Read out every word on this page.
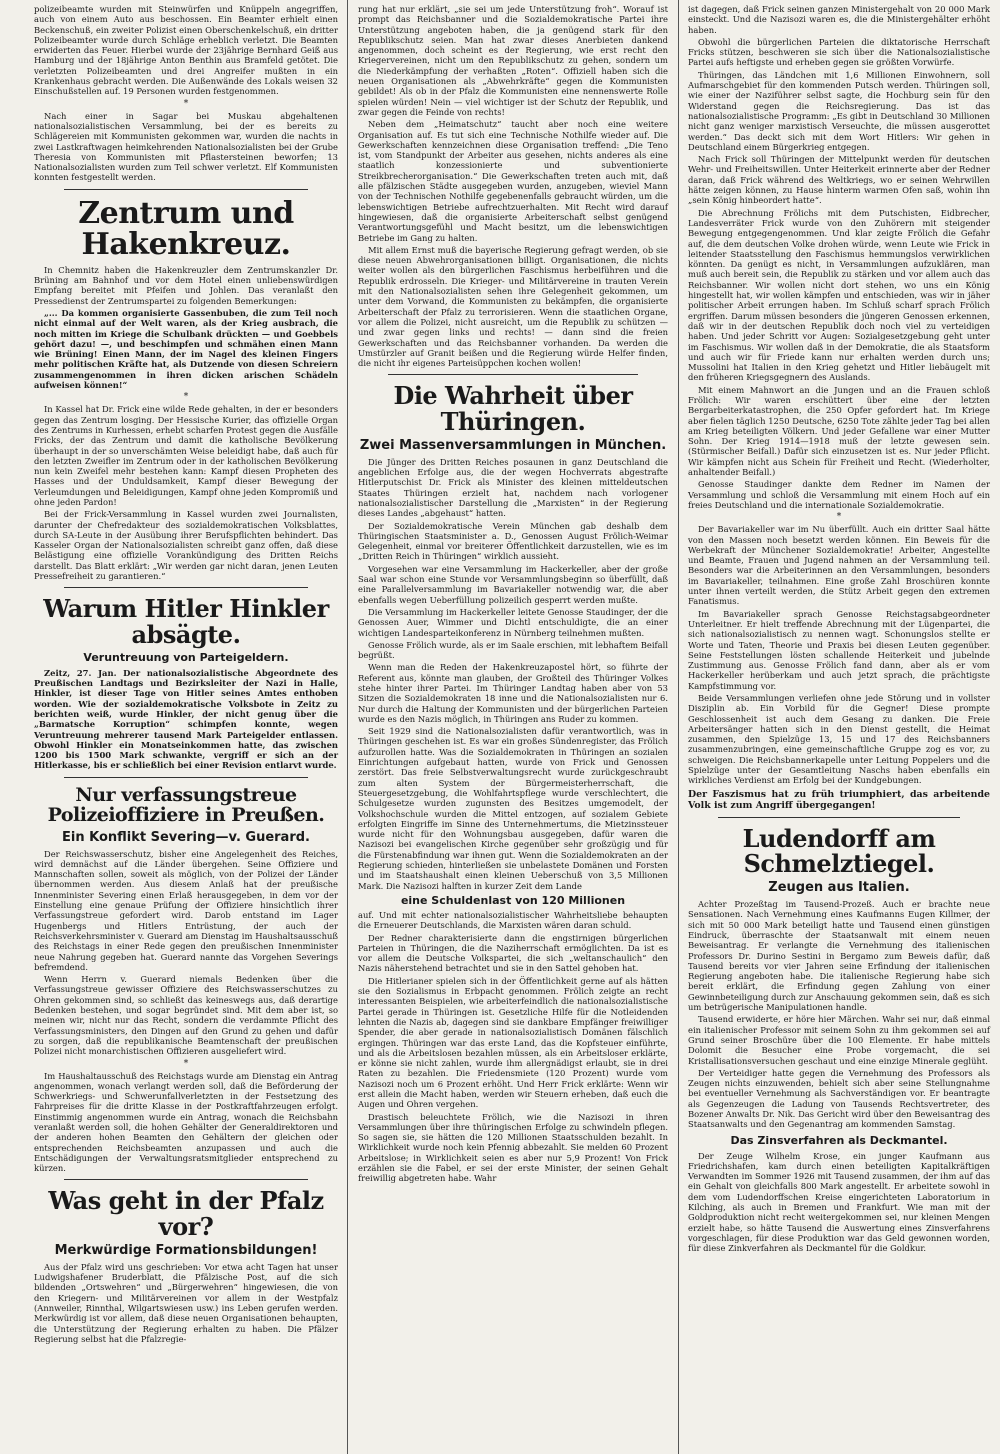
polizeibeamte wurden mit Steinwürfen und Knüppeln angegriffen, auch von einem Auto aus beschossen. Ein Beamter erhielt einen Beckenschuß, ein zweiter Polizist einen Oberschenkelschuß, ein dritter Polizeibeamter wurde durch Schläge erheblich verletzt. Die Beamten erwiderten das Feuer. Hierbei wurde der 23jährige Bernhard Geiß aus Hamburg und der 18jährige Anton Benthin aus Bramfeld getötet. Die verletzten Polizeibeamten und drei Angreifer mußten in ein Krankenhaus gebracht werden. Die Außenwände des Lokals weisen 32 Einschußstellen auf. 19 Personen wurden festgenommen.

*

Nach einer in Sagar bei Muskau abgehaltenen nationalsozialistischen Versammlung, bei der es bereits zu Schlägereien mit Kommunisten gekommen war, wurden die nachts in zwei Lastkraftwagen heimkehrenden Nationalsozialisten bei der Grube Theresia von Kommunisten mit Pflastersteinen beworfen; 13 Nationalsozialisten wurden zum Teil schwer verletzt. Elf Kommunisten konnten festgestellt werden.

Zentrum und Hakenkreuz.

In Chemnitz haben die Hakenkreuzler dem Zentrumskanzler Dr. Brüning am Bahnhof und vor dem Hotel einen unliebenswürdigen Empfang bereitet mit Pfeifen und Johlen. Das veranlaßt den Pressedienst der Zentrumspartei zu folgenden Bemerkungen:

„... Da kommen organisierte Gassenbuben, die zum Teil noch nicht einmal auf der Welt waren, als der Krieg ausbrach, die noch mitten im Kriege die Schulbank drückten — und Goebbels gehört dazu! —, und beschimpfen und schmähen einen Mann wie Brüning! Einen Mann, der im Nagel des kleinen Fingers mehr politischen Kräfte hat, als Dutzende von diesen Schreiern zusammengenommen in ihren dicken arischen Schädeln aufweisen können!“

*

In Kassel hat Dr. Frick eine wilde Rede gehalten, in der er besonders gegen das Zentrum losging. Der Hessische Kurier, das offizielle Organ des Zentrums in Kurhessen, erhebt scharfen Protest gegen die Ausfälle Fricks, der das Zentrum und damit die katholische Bevölkerung überhaupt in der so unverschämten Weise beleidigt habe, daß auch für den letzten Zweifler im Zentrum oder in der katholischen Bevölkerung nun kein Zweifel mehr bestehen kann: Kampf diesen Propheten des Hasses und der Unduldsamkeit, Kampf dieser Bewegung der Verleumdungen und Beleidigungen, Kampf ohne jeden Kompromiß und ohne jeden Pardon!

Bei der Frick-Versammlung in Kassel wurden zwei Journalisten, darunter der Chefredakteur des sozialdemokratischen Volksblattes, durch SA-Leute in der Ausübung ihrer Berufspflichten behindert. Das Kasseler Organ der Nationalsozialisten schreibt ganz offen, daß diese Belästigung eine offizielle Vorankündigung des Dritten Reichs darstellt. Das Blatt erklärt: „Wir werden gar nicht daran, jenen Leuten Pressefreiheit zu garantieren.“

Warum Hitler Hinkler absägte.
Veruntreuung von Parteigeldern.

Zeitz, 27. Jan. Der nationalsozialistische Abgeordnete des Preußischen Landtags und Bezirksleiter der Nazi in Halle, Hinkler, ist dieser Tage von Hitler seines Amtes enthoben worden. Wie der sozialdemokratische Volksbote in Zeitz zu berichten weiß, wurde Hinkler, der nicht genug über die „Barmatsche Korruption“ schimpfen konnte, wegen Veruntreuung mehrerer tausend Mark Parteigelder entlassen. Obwohl Hinkler ein Monatseinkommen hatte, das zwischen 1200 bis 1500 Mark schwankte, vergriff er sich an der Hitlerkasse, bis er schließlich bei einer Revision entlarvt wurde.

Nur verfassungstreue Polizeioffiziere in Preußen.
Ein Konflikt Severing—v. Guerard.

Der Reichswasserschutz, bisher eine Angelegenheit des Reiches, wird demnächst auf die Länder übergehen. Seine Offiziere und Mannschaften sollen, soweit als möglich, von der Polizei der Länder übernommen werden. Aus diesem Anlaß hat der preußische Innenminister Severing einen Erlaß herausgegeben, in dem vor der Einstellung eine genaue Prüfung der Offiziere hinsichtlich ihrer Verfassungstreue gefordert wird. Darob entstand im Lager Hugenbergs und Hitlers Entrüstung, der auch der Reichsverkehrsminister v. Guerard am Dienstag im Haushaltsausschuß des Reichstags in einer Rede gegen den preußischen Innenminister neue Nahrung gegeben hat. Guerard nannte das Vorgehen Severings befremdend.

Wenn Herrn v. Guerard niemals Bedenken über die Verfassungstreue gewisser Offiziere des Reichswasserschutzes zu Ohren gekommen sind, so schließt das keineswegs aus, daß derartige Bedenken bestehen, und sogar begründet sind. Mit dem aber ist, so meinen wir, nicht nur das Recht, sondern die verdammte Pflicht des Verfassungsministers, den Dingen auf den Grund zu gehen und dafür zu sorgen, daß die republikanische Beamtenschaft der preußischen Polizei nicht monarchistischen Offizieren ausgeliefert wird.

*

Im Haushaltausschuß des Reichstags wurde am Dienstag ein Antrag angenommen, wonach verlangt werden soll, daß die Beförderung der Schwerkriegs- und Schwerunfallverletzten in der Festsetzung des Fahrpreises für die dritte Klasse in der Postkraftfahrzeugen erfolgt. Einstimmig angenommen wurde ein Antrag, wonach die Reichsbahn veranlaßt werden soll, die hohen Gehälter der Generaldirektoren und der anderen hohen Beamten den Gehältern der gleichen oder entsprechenden Reichsbeamten anzupassen und auch die Entschädigungen der Verwaltungsratsmitglieder entsprechend zu kürzen.

Was geht in der Pfalz vor?
Merkwürdige Formationsbildungen!

Aus der Pfalz wird uns geschrieben: Vor etwa acht Tagen hat unser Ludwigshafener Bruderblatt, die Pfälzische Post, auf die sich bildenden „Ortswehren“ und „Bürgerwehren“ hingewiesen, die von den Kriegern- und Militärvereinen vor allem in der Westpfalz (Annweiler, Rinnthal, Wilgartswiesen usw.) ins Leben gerufen werden. Merkwürdig ist vor allem, daß diese neuen Organisationen behaupten, die Unterstützung der Regierung erhalten zu haben. Die Pfälzer Regierung selbst hat die Pfalzregie-

rung hat nur erklärt, „sie sei um jede Unterstützung froh“. Worauf ist prompt das Reichsbanner und die Sozialdemokratische Partei ihre Unterstützung angeboten haben, die ja genügend stark für den Republikschutz seien. Man hat zwar dieses Anerbieten dankend angenommen, doch scheint es der Regierung, wie erst recht den Kriegervereinen, nicht um den Republikschutz zu gehen, sondern um die Niederkämpfung der verhaßten „Roten“. Offiziell haben sich die neuen Organisationen als „Abwehrkräfte“ gegen die Kommunisten gebildet! Als ob in der Pfalz die Kommunisten eine nennenswerte Rolle spielen würden! Nein — viel wichtiger ist der Schutz der Republik, und zwar gegen die Feinde von rechts!

Neben dem „Heimatschutz“ taucht aber noch eine weitere Organisation auf. Es tut sich eine Technische Nothilfe wieder auf. Die Gewerkschaften kennzeichnen diese Organisation treffend: „Die Teno ist, vom Standpunkt der Arbeiter aus gesehen, nichts anderes als eine staatlich konzessionierte und subventionierte Streikbrecherorganisation.“ Die Gewerkschaften treten auch mit, daß alle pfälzischen Städte ausgegeben wurden, anzugeben, wieviel Mann von der Technischen Nothilfe gegebenenfalls gebraucht würden, um die lebenswichtigen Betriebe aufrechtzuerhalten. Mit Recht wird darauf hingewiesen, daß die organisierte Arbeiterschaft selbst genügend Verantwortungsgefühl und Macht besitzt, um die lebenswichtigen Betriebe im Gang zu halten.

Mit allem Ernst muß die bayerische Regierung gefragt werden, ob sie diese neuen Abwehrorganisationen billigt. Organisationen, die nichts weiter wollen als den bürgerlichen Faschismus herbeiführen und die Republik erdrosseln. Die Krieger- und Militärvereine in trauten Verein mit den Nationalsozialisten sehen ihre Gelegenheit gekommen, um unter dem Vorwand, die Kommunisten zu bekämpfen, die organisierte Arbeiterschaft der Pfalz zu terrorisieren. Wenn die staatlichen Organe, vor allem die Polizei, nicht ausreicht, um die Republik zu schützen — und zwar gegen links und rechts! — dann sind die freien Gewerkschaften und das Reichsbanner vorhanden. Da werden die Umstürzler auf Granit beißen und die Regierung würde Helfer finden, die nicht ihr eigenes Parteisüppchen kochen wollen!

Die Wahrheit über Thüringen.
Zwei Massenversammlungen in München.

Die Jünger des Dritten Reiches posaunen in ganz Deutschland die angeblichen Erfolge aus, die der wegen Hochverrats abgestrafte Hitlerputschist Dr. Frick als Minister des kleinen mitteldeutschen Staates Thüringen erzielt hat, nachdem nach vorlogener nationalsozialistischer Darstellung die „Marxisten“ in der Regierung dieses Landes „abgehaust“ hatten.

Der Sozialdemokratische Verein München gab deshalb dem Thüringischen Staatsminister a. D., Genossen August Frölich-Weimar Gelegenheit, einmal vor breiterer Öffentlichkeit darzustellen, wie es im „Dritten Reich in Thüringen“ wirklich aussieht.

Vorgesehen war eine Versammlung im Hackerkeller, aber der große Saal war schon eine Stunde vor Versammlungsbeginn so überfüllt, daß eine Parallelversammlung im Bavariakeller notwendig war, die aber ebenfalls wegen Ueberfüllung polizeilich gesperrt werden mußte.

Die Versammlung im Hackerkeller leitete Genosse Staudinger, der die Genossen Auer, Wimmer und Dichtl entschuldigte, die an einer wichtigen Landesparteikonferenz in Nürnberg teilnehmen mußten.

Genosse Frölich wurde, als er im Saale erschien, mit lebhaftem Beifall begrüßt.

Wenn man die Reden der Hakenkreuzapostel hört, so führte der Referent aus, könnte man glauben, der Großteil des Thüringer Volkes stehe hinter ihrer Partei. Im Thüringer Landtag haben aber von 53 Sitzen die Sozialdemokraten 18 inne und die Nationalsozialisten nur 6. Nur durch die Haltung der Kommunisten und der bürgerlichen Parteien wurde es den Nazis möglich, in Thüringen ans Ruder zu kommen.

Seit 1929 sind die Nationalsozialisten dafür verantwortlich, was in Thüringen geschehen ist. Es war ein großes Sündenregister, das Frölich aufzurollen hatte. Was die Sozialdemokraten in Thüringen an sozialen Einrichtungen aufgebaut hatten, wurde von Frick und Genossen zerstört. Das freie Selbstverwaltungsrecht wurde zurückgeschraubt zum alten System der Bürgermeisterherrschaft, die Steuergesetzgebung, die Wohlfahrtspflege wurde verschlechtert, die Schulgesetze wurden zugunsten des Besitzes umgemodelt, der Volkshochschule wurden die Mittel entzogen, auf sozialem Gebiete erfolgten Eingriffe im Sinne des Unternehmertums, die Mietzinssteuer wurde nicht für den Wohnungsbau ausgegeben, dafür waren die Nazisozi bei evangelischen Kirche gegenüber sehr großzügig und für die Fürstenabfindung war ihnen gut. Wenn die Sozialdemokraten an der Regierung schieden, hinterließen sie unbelastete Domänen und Forsten und im Staatshaushalt einen kleinen Ueberschuß von 3,5 Millionen Mark. Die Nazisozi halften in kurzer Zeit dem Lande

eine Schuldenlast von 120 Millionen

auf. Und mit echter nationalsozialistischer Wahrheitsliebe behaupten die Erneuerer Deutschlands, die Marxisten wären daran schuld.

Der Redner charakterisierte dann die engstirnigen bürgerlichen Parteien in Thüringen, die die Naziherrschaft ermöglichten. Da ist es vor allem die Deutsche Volkspartei, die sich „weltanschaulich“ den Nazis näherstehend betrachtet und sie in den Sattel gehoben hat.

Die Hitlerianer spielen sich in der Öffentlichkeit gerne auf als hätten sie den Sozialismus in Erbpacht genommen. Frölich zeigte an recht interessanten Beispielen, wie arbeiterfeindlich die nationalsozialistische Partei gerade in Thüringen ist. Gesetzliche Hilfe für die Notleidenden lehnten die Nazis ab, dagegen sind sie dankbare Empfänger freiwilliger Spender, die aber gerade in nationalsozialistisch Domänen fälschlich ergingen. Thüringen war das erste Land, das die Kopfsteuer einführte, und als die Arbeitslosen bezahlen müssen, als ein Arbeitsloser erklärte, er könne sie nicht zahlen, wurde ihm allergnädigst erlaubt, sie in drei Raten zu bezahlen. Die Friedensmiete (120 Prozent) wurde vom Nazisozi noch um 6 Prozent erhöht. Und Herr Frick erklärte: Wenn wir erst allein die Macht haben, werden wir Steuern erheben, daß euch die Augen und Ohren vergehen.

Drastisch beleuchtete Frölich, wie die Nazisozi in ihren Versammlungen über ihre thüringischen Erfolge zu schwindeln pflegen. So sagen sie, sie hätten die 120 Millionen Staatsschulden bezahlt. In Wirklichkeit wurde noch kein Pfennig abbezahlt. Sie melden 60 Prozent Arbeitslose; in Wirklichkeit seien es aber nur 5,9 Prozent! Von Frick erzählen sie die Fabel, er sei der erste Minister, der seinen Gehalt freiwillig abgetreten habe. Wahr

ist dagegen, daß Frick seinen ganzen Ministergehalt von 20 000 Mark einsteckt. Und die Nazisozi waren es, die die Ministergehälter erhöht haben.

Obwohl die bürgerlichen Parteien die diktatorische Herrschaft Fricks stützen, beschweren sie sich über die Nationalsozialistische Partei aufs heftigste und erheben gegen sie größten Vorwürfe.

Thüringen, das Ländchen mit 1,6 Millionen Einwohnern, soll Aufmarschgebiet für den kommenden Putsch werden. Thüringen soll, wie einer der Naziführer selbst sagte, die Hochburg sein für den Widerstand gegen die Reichsregierung. Das ist das nationalsozialistische Programm: „Es gibt in Deutschland 30 Millionen nicht ganz weniger marxistisch Verseuchte, die müssen ausgerottet werden.“ Das deckt sich mit dem Wort Hitlers: Wir gehen in Deutschland einem Bürgerkrieg entgegen.

Nach Frick soll Thüringen der Mittelpunkt werden für deutschen Wehr- und Freiheitswillen. Unter Heiterkeit erinnerte aber der Redner daran, daß Frick während des Weltkriegs, wo er seinen Wehrwillen hätte zeigen können, zu Hause hinterm warmen Ofen saß, wohin ihn „sein König hinbeordert hatte“.

Die Abrechnung Frölichs mit dem Putschisten, Eidbrecher, Landesverräter Frick wurde von den Zuhörern mit steigender Bewegung entgegengenommen. Und klar zeigte Frölich die Gefahr auf, die dem deutschen Volke drohen würde, wenn Leute wie Frick in leitender Staatsstellung den Faschismus hemmungslos verwirklichen könnten. Da genügt es nicht, in Versammlungen aufzuklären, man muß auch bereit sein, die Republik zu stärken und vor allem auch das Reichsbanner. Wir wollen nicht dort stehen, wo uns ein König hingestellt hat, wir wollen kämpfen und entschieden, was wir in jäher politischer Arbeit errungen haben. Im Schluß scharf sprach Frölich ergriffen. Darum müssen besonders die jüngeren Genossen erkennen, daß wir in der deutschen Republik doch noch viel zu verteidigen haben. Und jeder Schritt vor Augen: Sozialgesetzgebung geht unter im Faschismus. Wir wollen daß in der Demokratie, die als Staatsform und auch wir für Friede kann nur erhalten werden durch uns; Mussolini hat Italien in den Krieg gehetzt und Hitler liebäugelt mit den früheren Kriegsgegnern des Auslands.

Mit einem Mahnwort an die Jungen und an die Frauen schloß Frölich: Wir waren erschüttert über eine der letzten Bergarbeiterkatastrophen, die 250 Opfer gefordert hat. Im Kriege aber fielen täglich 1250 Deutsche, 6250 Tote zählte jeder Tag bei allen am Krieg beteiligten Völkern. Und jeder Gefallene war einer Mutter Sohn. Der Krieg 1914—1918 muß der letzte gewesen sein. (Stürmischer Beifall.) Dafür sich einzusetzen ist es. Nur jeder Pflicht. Wir kämpfen nicht aus Schein für Freiheit und Recht. (Wiederholter, anhaltender Beifall.)

Genosse Staudinger dankte dem Redner im Namen der Versammlung und schloß die Versammlung mit einem Hoch auf ein freies Deutschland und die internationale Sozialdemokratie.

*

Der Bavariakeller war im Nu überfüllt. Auch ein dritter Saal hätte von den Massen noch besetzt werden können. Ein Beweis für die Werbekraft der Münchener Sozialdemokratie! Arbeiter, Angestellte und Beamte, Frauen und Jugend nahmen an der Versammlung teil. Besonders war die Arbeiterinnen an den Versammlungen, besonders im Bavariakeller, teilnahmen. Eine große Zahl Broschüren konnte unter ihnen verteilt werden, die Stütz Arbeit gegen den extremen Fanatismus.

Im Bavariakeller sprach Genosse Reichstagsabgeordneter Unterleitner. Er hielt treffende Abrechnung mit der Lügenpartei, die sich nationalsozialistisch zu nennen wagt. Schonungslos stellte er Worte und Taten, Theorie und Praxis bei diesen Leuten gegenüber. Seine Feststellungen lösten schallende Heiterkeit und jubelnde Zustimmung aus. Genosse Frölich fand dann, aber als er vom Hackerkeller herüberkam und auch jetzt sprach, die prächtigste Kampfstimmung vor.

Beide Versammlungen verliefen ohne jede Störung und in vollster Disziplin ab. Ein Vorbild für die Gegner! Diese prompte Geschlossenheit ist auch dem Gesang zu danken. Die Freie Arbeitersänger hatten sich in den Dienst gestellt, die Heimat zusammen, den Spielzüge 13, 15 und 17 des Reichsbanners zusammenzubringen, eine gemeinschaftliche Gruppe zog es vor, zu schweigen. Die Reichsbannerkapelle unter Leitung Poppelers und die Spielzüge unter der Gesamtleitung Naschs haben ebenfalls ein wirkliches Verdienst am Erfolg bei der Kundgebungen.

Der Faszismus hat zu früh triumphiert, das arbeitende Volk ist zum Angriff übergegangen!
Ludendorff am Schmelztiegel.
Zeugen aus Italien.

Achter Prozeßtag im Tausend-Prozeß. Auch er brachte neue Sensationen. Nach Vernehmung eines Kaufmanns Eugen Killmer, der sich mit 50 000 Mark beteiligt hatte und Tausend einen günstigen Eindruck, überraschte der Staatsanwalt mit einem neuen Beweisantrag. Er verlangte die Vernehmung des italienischen Professors Dr. Durino Sestini in Bergamo zum Beweis dafür, daß Tausend bereits vor vier Jahren seine Erfindung der italienischen Regierung angeboten habe. Die italienische Regierung habe sich bereit erklärt, die Erfindung gegen Zahlung von einer Gewinnbeteiligung durch zur Anschauung gekommen sein, daß es sich um betrügerische Manipulationen handle.

Tausend erwiderte, er höre hier Märchen. Wahr sei nur, daß einmal ein italienischer Professor mit seinem Sohn zu ihm gekommen sei auf Grund seiner Broschüre über die 100 Elemente. Er habe mittels Dolomit die Besucher eine Probe vorgemacht, die sei Kristallisationsversuchen geschaut und eine einzige Minerale geglüht.

Der Verteidiger hatte gegen die Vernehmung des Professors als Zeugen nichts einzuwenden, behielt sich aber seine Stellungnahme bei eventueller Vernehmung als Sachverständigen vor. Er beantragte als Gegenzeugen die Ladung von Tausends Rechtsvertreter, des Bozener Anwalts Dr. Nik. Das Gericht wird über den Beweisantrag des Staatsanwalts und den Gegenantrag am kommenden Samstag.

Das Zinsverfahren als Deckmantel.

Der Zeuge Wilhelm Krose, ein junger Kaufmann aus Friedrichshafen, kam durch einen beteiligten Kapitalkräftigen Verwandten im Sommer 1926 mit Tausend zusammen, der ihm auf das ein Gehalt von gleichfalls 800 Mark angestellt. Er arbeitete sowohl in dem vom Ludendorffschen Kreise eingerichteten Laboratorium in Kilching, als auch in Bremen und Frankfurt. Wie man mit der Goldproduktion nicht recht weitergekommen sei, nur kleinen Mengen erzielt habe, so hätte Tausend die Auswertung eines Zinsverfahrens vorgeschlagen, für diese Produktion war das Geld gewonnen worden, für diese Zinkverfahren als Deckmantel für die Goldkur.
